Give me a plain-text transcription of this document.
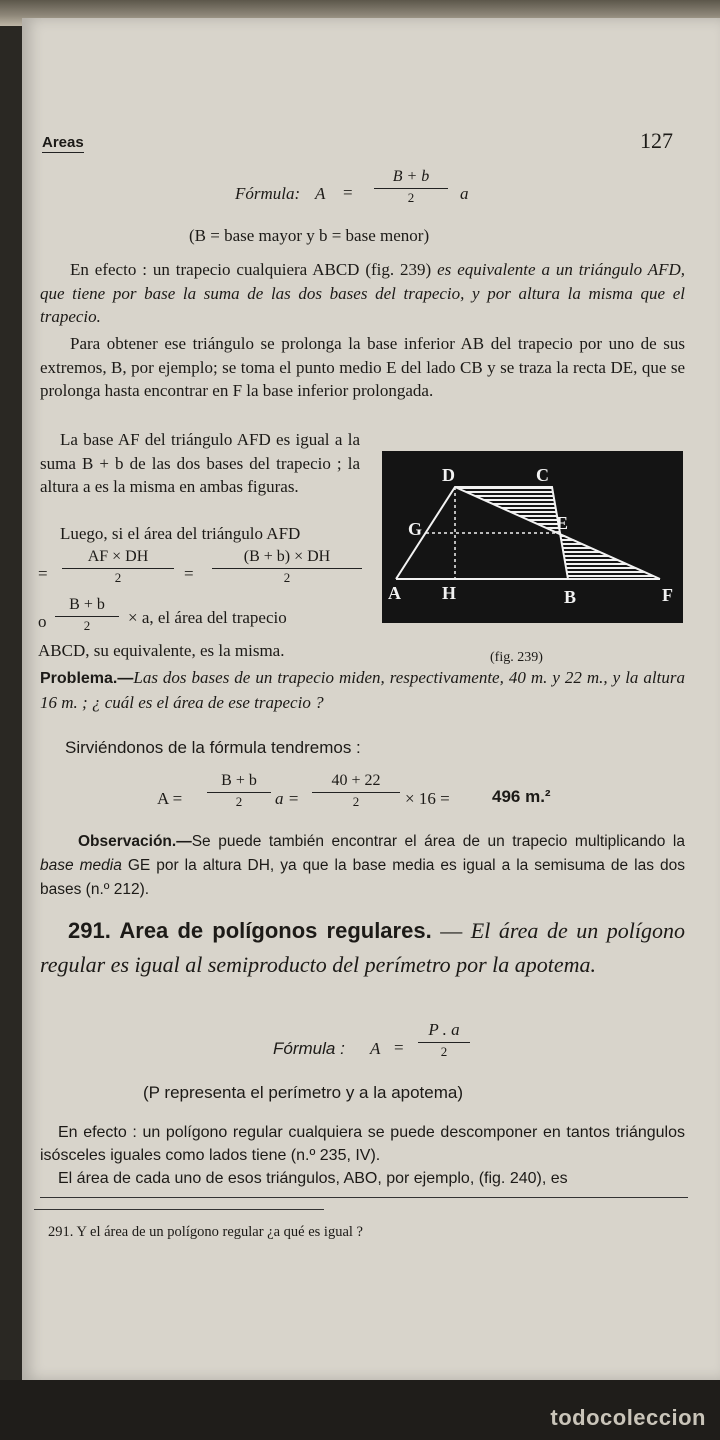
Areas	127
Fórmula: A =
B + b
2	a
(B = base mayor y b = base menor)
En efecto : un trapecio cualquiera ABCD (fig. 239) es equivalente a un triángulo AFD, que tiene por base la suma de las dos bases del trapecio, y por altura la misma que el trapecio.
Para obtener ese triángulo se prolonga la base inferior AB del trapecio por uno de sus extremos, B, por ejemplo; se toma el punto medio E del lado CB y se traza la recta DE, que se prolonga hasta encontrar en F la base inferior prolongada.
La base AF del triángulo AFD es igual a la suma B + b de las dos bases del trapecio ; la altura a es la misma en ambas figuras.
Luego, si el área del triángulo AFD
=
AF × DH
2	=
(B + b) × DH
2
o
B + b
2	× a, el área del trapecio
ABCD, su equivalente, es la misma.
A H	B	F
D	C
G	E
(fig. 239)
Problema.—Las dos bases de un trapecio miden, respectivamente, 40 m. y 22 m., y la altura 16 m. ; ¿ cuál es el área de ese trapecio ?
Sirviéndonos de la fórmula tendremos :
A =
B + b
2	a =
40 + 22
2	× 16 = 496 m.²
Observación.—Se puede también encontrar el área de un trapecio multiplicando la base media GE por la altura DH, ya que la base media es igual a la semisuma de las dos bases (n.º 212).
291. Area de polígonos regulares. — El área de un polígono regular es igual al semiproducto del perímetro por la apotema.
Fórmula : A =
P . a
2
(P representa el perímetro y a la apotema)
En efecto : un polígono regular cualquiera se puede descomponer en tantos triángulos isósceles iguales como lados tiene (n.º 235, IV).
El área de cada uno de esos triángulos, ABO, por ejemplo, (fig. 240), es
291. Y el área de un polígono regular ¿a qué es igual ?
todocoleccion
